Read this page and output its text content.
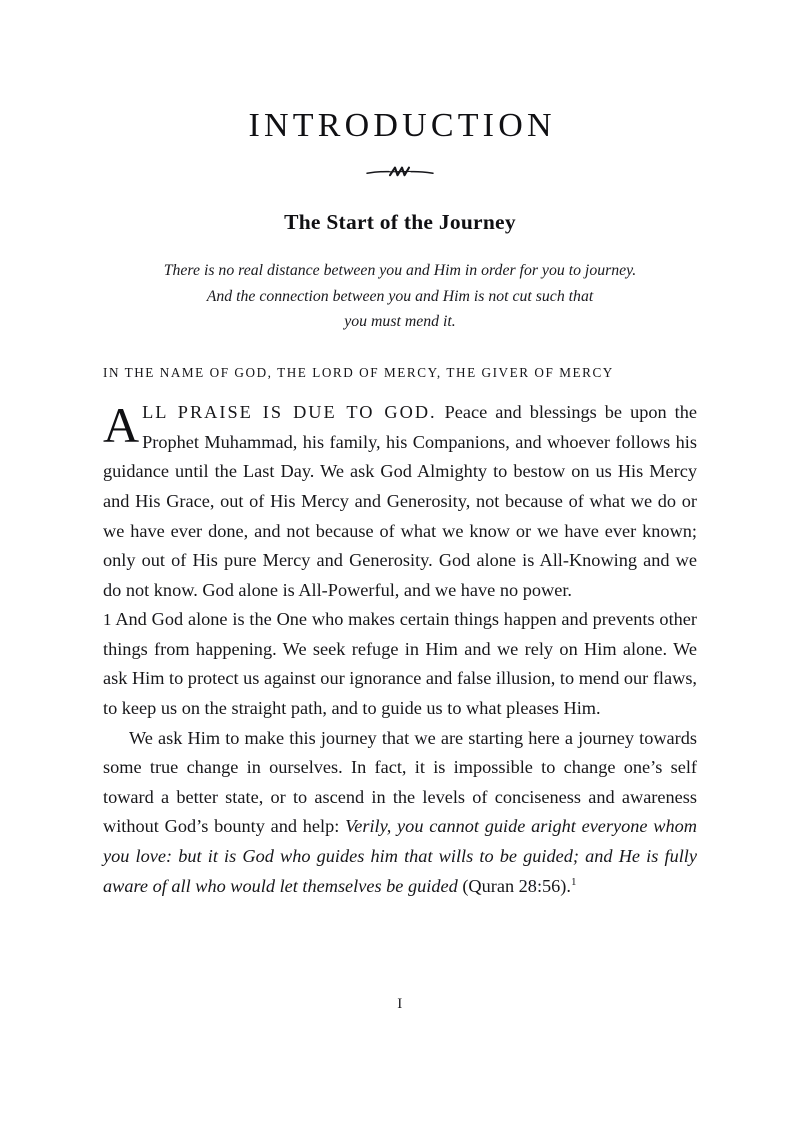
INTRODUCTION
The Start of the Journey
There is no real distance between you and Him in order for you to journey.
And the connection between you and Him is not cut such that
you must mend it.

IN THE NAME OF GOD, THE LORD OF MERCY, THE GIVER OF MERCY

ALL PRAISE IS DUE TO GOD. Peace and blessings be upon the Prophet Muhammad, his family, his Companions, and whoever follows his guidance until the Last Day. We ask God Almighty to bestow on us His Mercy and His Grace, out of His Mercy and Generosity, not because of what we do or we have ever done, and not because of what we know or we have ever known; only out of His pure Mercy and Generosity. God alone is All-Knowing and we do not know. God alone is All-Powerful, and we have no power.

1 And God alone is the One who makes certain things happen and prevents other things from happening. We seek refuge in Him and we rely on Him alone. We ask Him to protect us against our ignorance and false illusion, to mend our flaws, to keep us on the straight path, and to guide us to what pleases Him.

We ask Him to make this journey that we are starting here a journey towards some true change in ourselves. In fact, it is impossible to change one’s self toward a better state, or to ascend in the levels of conciseness and awareness without God’s bounty and help: Verily, you cannot guide aright everyone whom you love: but it is God who guides him that wills to be guided; and He is fully aware of all who would let themselves be guided (Quran 28:56).$^1$

I
